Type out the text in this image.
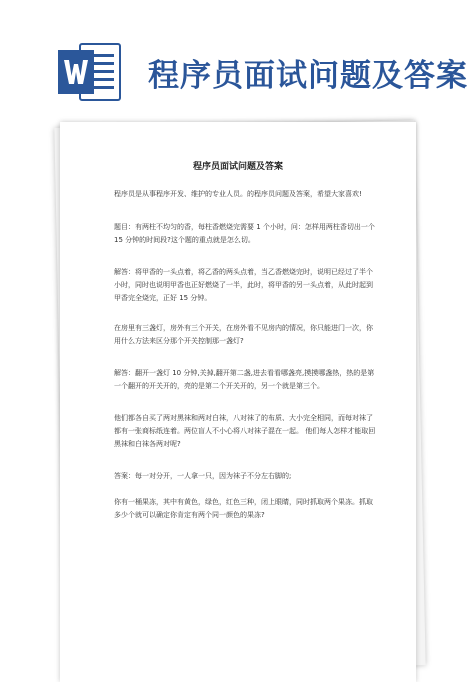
程序员面试问题及答案
程序员面试问题及答案
程序员是从事程序开发、维护的专业人员。的程序员问题及答案，希望大家喜欢!
题目：有两柱不均匀的香，每柱香燃烧完需要 1 个小时，问：怎样用两柱香切出一个 15 分钟的时间段?这个题的重点就是怎么切。
解答：将甲香的一头点着，将乙香的两头点着，当乙香燃烧完时，说明已经过了半个小时，同时也说明甲香也正好燃烧了一半，此时，将甲香的另一头点着，从此时起到甲香完全烧完，正好 15 分钟。
在房里有三盏灯，房外有三个开关，在房外看不见房内的情况，你只能进门一次，你用什么方法来区分那个开关控制那一盏灯?
解答：翻开一盏灯 10 分钟,关掉,翻开第二盏,进去看看哪盏亮,摸摸哪盏热，热的是第一个翻开的开关开的，亮的是第二个开关开的，另一个就是第三个。
他们都各自买了两对黑袜和两对白袜，八对袜了的布质、大小完全相同，而每对袜了都有一张商标纸连着。两位盲人不小心将八对袜子混在一起。 他们每人怎样才能取回黑袜和白袜各两对呢?
答案：每一对分开，一人拿一只，因为袜子不分左右脚的;
你有一桶果冻，其中有黄色，绿色，红色三种，闭上眼睛，同时抓取两个果冻。抓取多少个就可以确定你肯定有两个同一颜色的果冻?
